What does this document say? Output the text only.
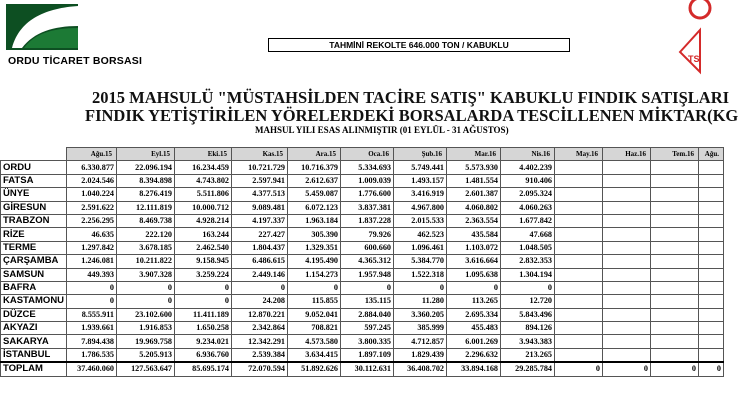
ORDU TİCARET BORSASI	TS
TAHMİNİ REKOLTE 646.000 TON / KABUKLU
2015 MAHSULÜ "MÜSTAHSİLDEN TACİRE SATIŞ" KABUKLU FINDIK SATIŞLARI
FINDIK YETİŞTİRİLEN YÖRELERDEKİ BORSALARDA TESCİLLENEN MİKTAR(KG
MAHSUL YILI ESAS ALINMIŞTIR (01 EYLÜL - 31 AĞUSTOS)
	Ağu.15	Eyl.15	Eki.15	Kas.15	Ara.15	Oca.16	Şub.16	Mar.16	Nis.16	May.16	Haz.16	Tem.16	Ağu.
ORDU	6.330.877	22.096.194	16.234.459	10.721.729	10.716.379	5.334.693	5.749.441	5.573.930	4.402.239				
FATSA	2.024.546	8.394.898	4.743.802	2.597.941	2.612.637	1.009.039	1.493.157	1.481.554	910.406				
ÜNYE	1.040.224	8.276.419	5.511.806	4.377.513	5.459.087	1.776.600	3.416.919	2.601.387	2.095.324				
GİRESUN	2.591.622	12.111.819	10.000.712	9.089.481	6.072.123	3.837.381	4.967.800	4.060.802	4.060.263				
TRABZON	2.256.295	8.469.738	4.928.214	4.197.337	1.963.184	1.837.228	2.015.533	2.363.554	1.677.842				
RİZE	46.635	222.120	163.244	227.427	305.390	79.926	462.523	435.584	47.668				
TERME	1.297.842	3.678.185	2.462.540	1.804.437	1.329.351	600.660	1.096.461	1.103.072	1.048.505				
ÇARŞAMBA	1.246.081	10.211.822	9.158.945	6.486.615	4.195.490	4.365.312	5.384.770	3.616.664	2.832.353				
SAMSUN	449.393	3.907.328	3.259.224	2.449.146	1.154.273	1.957.948	1.522.318	1.095.638	1.304.194				
BAFRA	0	0	0	0	0	0	0	0	0				
KASTAMONU	0	0	0	24.208	115.855	135.115	11.280	113.265	12.720				
DÜZCE	8.555.911	23.102.600	11.411.189	12.870.221	9.052.041	2.884.040	3.360.205	2.695.334	5.843.496				
AKYAZI	1.939.661	1.916.853	1.650.258	2.342.864	708.821	597.245	385.999	455.483	894.126				
SAKARYA	7.894.438	19.969.758	9.234.021	12.342.291	4.573.580	3.800.335	4.712.857	6.001.269	3.943.383				
İSTANBUL	1.786.535	5.205.913	6.936.760	2.539.384	3.634.415	1.897.109	1.829.439	2.296.632	213.265				
TOPLAM	37.460.060	127.563.647	85.695.174	72.070.594	51.892.626	30.112.631	36.408.702	33.894.168	29.285.784	0	0	0	0
